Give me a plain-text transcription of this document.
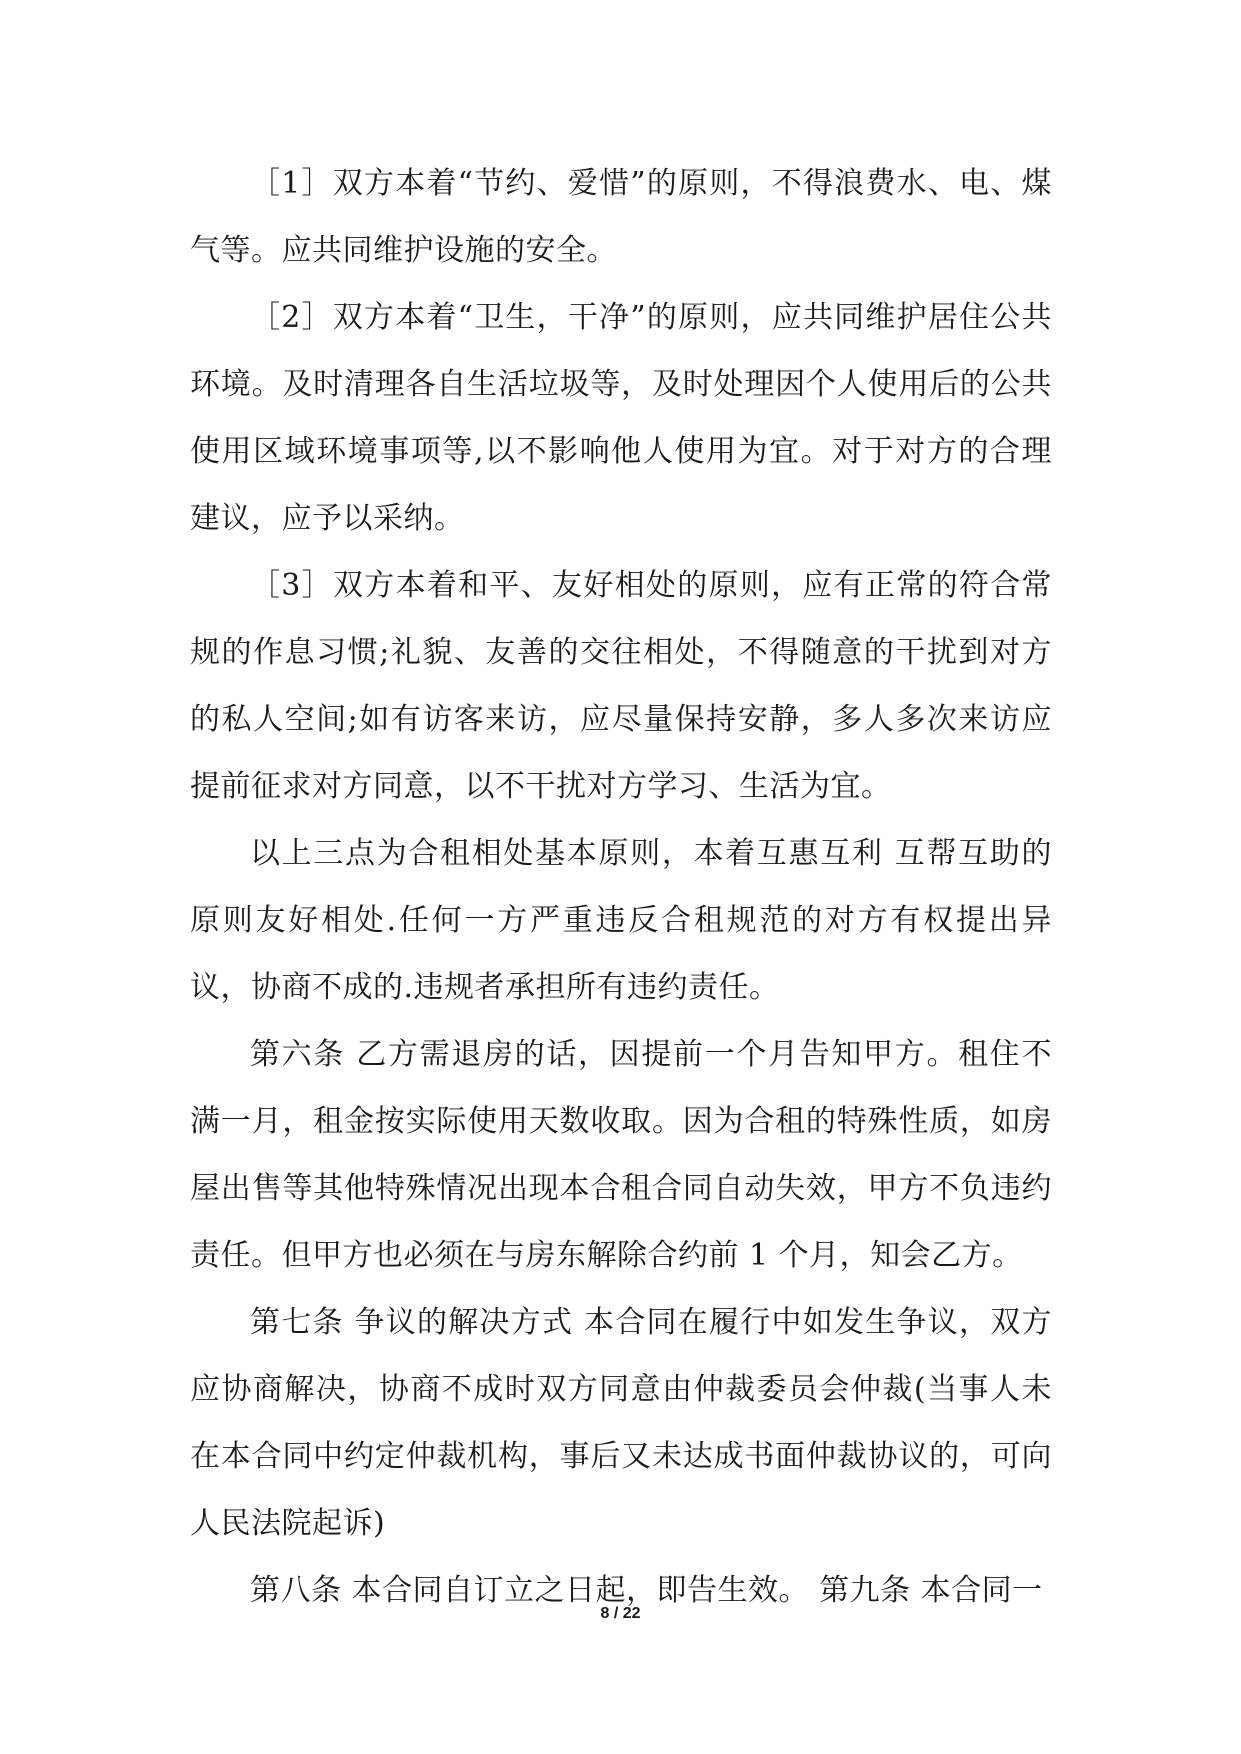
［1］双方本着“节约、爱惜”的原则，不得浪费水、电、煤气等。应共同维护设施的安全。

［2］双方本着“卫生，干净”的原则，应共同维护居住公共环境。及时清理各自生活垃圾等，及时处理因个人使用后的公共使用区域环境事项等,以不影响他人使用为宜。对于对方的合理建议，应予以采纳。

［3］双方本着和平、友好相处的原则，应有正常的符合常规的作息习惯;礼貌、友善的交往相处，不得随意的干扰到对方的私人空间;如有访客来访，应尽量保持安静，多人多次来访应提前征求对方同意，以不干扰对方学习、生活为宜。

以上三点为合租相处基本原则，本着互惠互利 互帮互助的原则友好相处.任何一方严重违反合租规范的对方有权提出异议，协商不成的.违规者承担所有违约责任。

第六条 乙方需退房的话，因提前一个月告知甲方。租住不满一月，租金按实际使用天数收取。因为合租的特殊性质，如房屋出售等其他特殊情况出现本合租合同自动失效，甲方不负违约责任。但甲方也必须在与房东解除合约前 1 个月，知会乙方。

第七条 争议的解决方式 本合同在履行中如发生争议，双方应协商解决，协商不成时双方同意由仲裁委员会仲裁(当事人未在本合同中约定仲裁机构，事后又未达成书面仲裁协议的，可向人民法院起诉)

第八条 本合同自订立之日起，即告生效。 第九条 本合同一

8 / 22
